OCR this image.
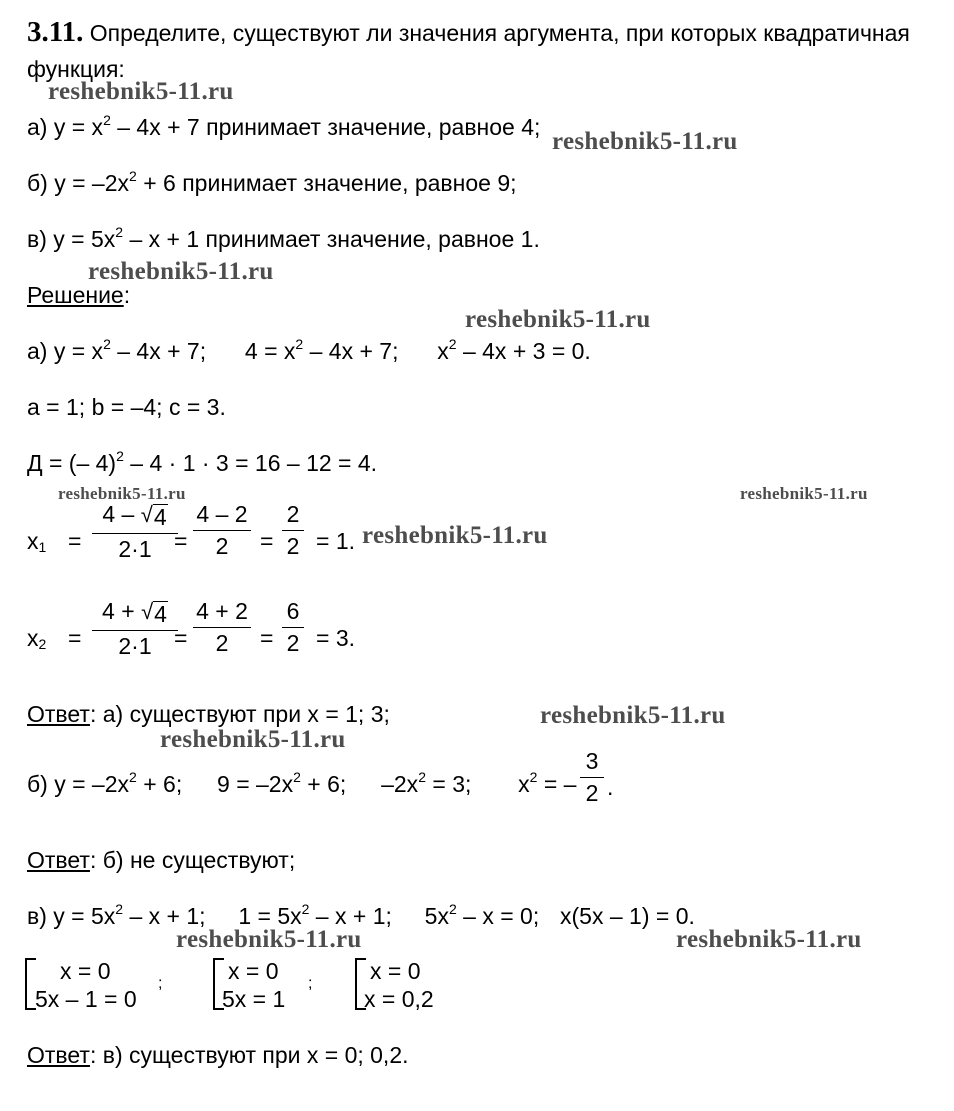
3.11. Определите, существуют ли значения аргумента, при которых квадратичная
функция:
а) $y = x^2 - 4x + 7$ принимает значение, равное 4;
б) $y = -2x^2 + 6$ принимает значение, равное 9;
в) $y = 5x^2 - x + 1$ принимает значение, равное 1.
Решение:
а) $y = x^2 - 4x + 7$; $4 = x^2 - 4x + 7$; $x^2 - 4x + 3 = 0$.
a = 1; b = –4; c = 3.
Д = (– 4)$^2$ – 4 · 1 · 3 = 16 – 12 = 4.
$x_1 = \frac{4 - √ 4}{2\cdot 1}$
= $\frac{4 - 2}{2} = \frac{2}{2} = 1$.
$x_2 = \frac{4 + √ 4}{2\cdot 1}$
= $\frac{4 + 2}{2} = \frac{6}{2} = 3$.
Ответ: а) существуют при x = 1; 3;
б) $y = -2x^2 + 6$; $9 = -2x^2 + 6$; $-2x^2 = 3$; $x^2$ = – $\frac{3}{2}$ .
Ответ: б) не существуют;
в) $y = 5x^2 - x + 1$; $1 = 5x^2 - x + 1$; $5x^2 - x = 0$; x(5x – 1) = 0.
x = 0
5x – 1 = 0
;	x = 0
5x = 1
;	x = 0
x = 0,2
Ответ: в) существуют при x = 0; 0,2.
reshebnik5-11.ru
reshebnik5-11.ru
reshebnik5-11.ru
reshebnik5-11.ru
reshebnik5-11.ru	reshebnik5-11.ru
reshebnik5-11.ru
reshebnik5-11.ru
reshebnik5-11.ru
reshebnik5-11.ru	reshebnik5-11.ru
